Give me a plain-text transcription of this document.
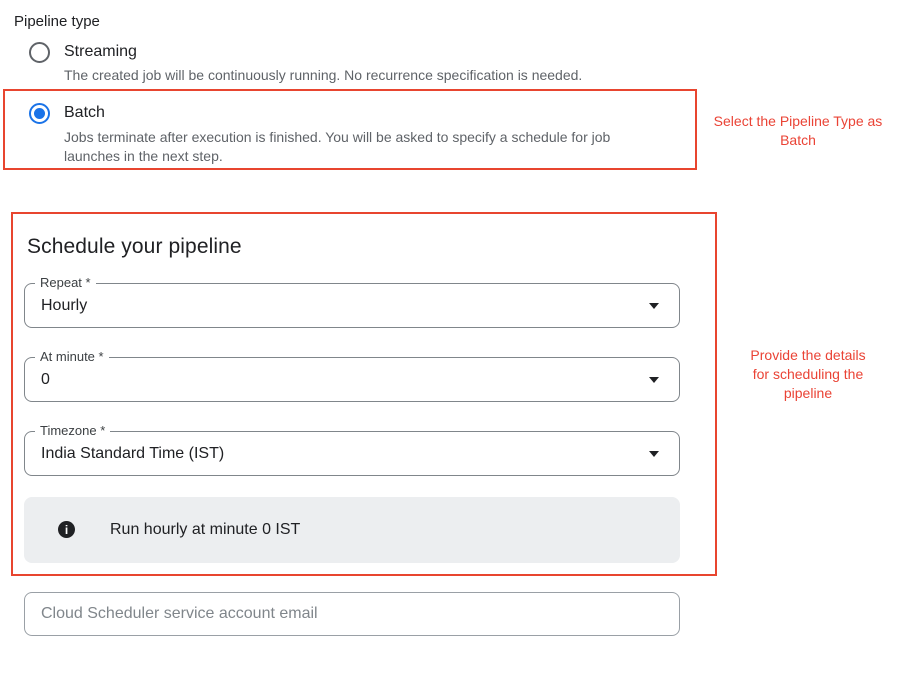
Pipeline type
Streaming
The created job will be continuously running. No recurrence specification is needed.
Batch
Jobs terminate after execution is finished. You will be asked to specify a schedule for job launches in the next step.
Select the Pipeline Type as Batch
Schedule your pipeline
Repeat *
Hourly
At minute *
0
Timezone *
India Standard Time (IST)
i	Run hourly at minute 0 IST
Provide the details for scheduling the pipeline
Cloud Scheduler service account email
